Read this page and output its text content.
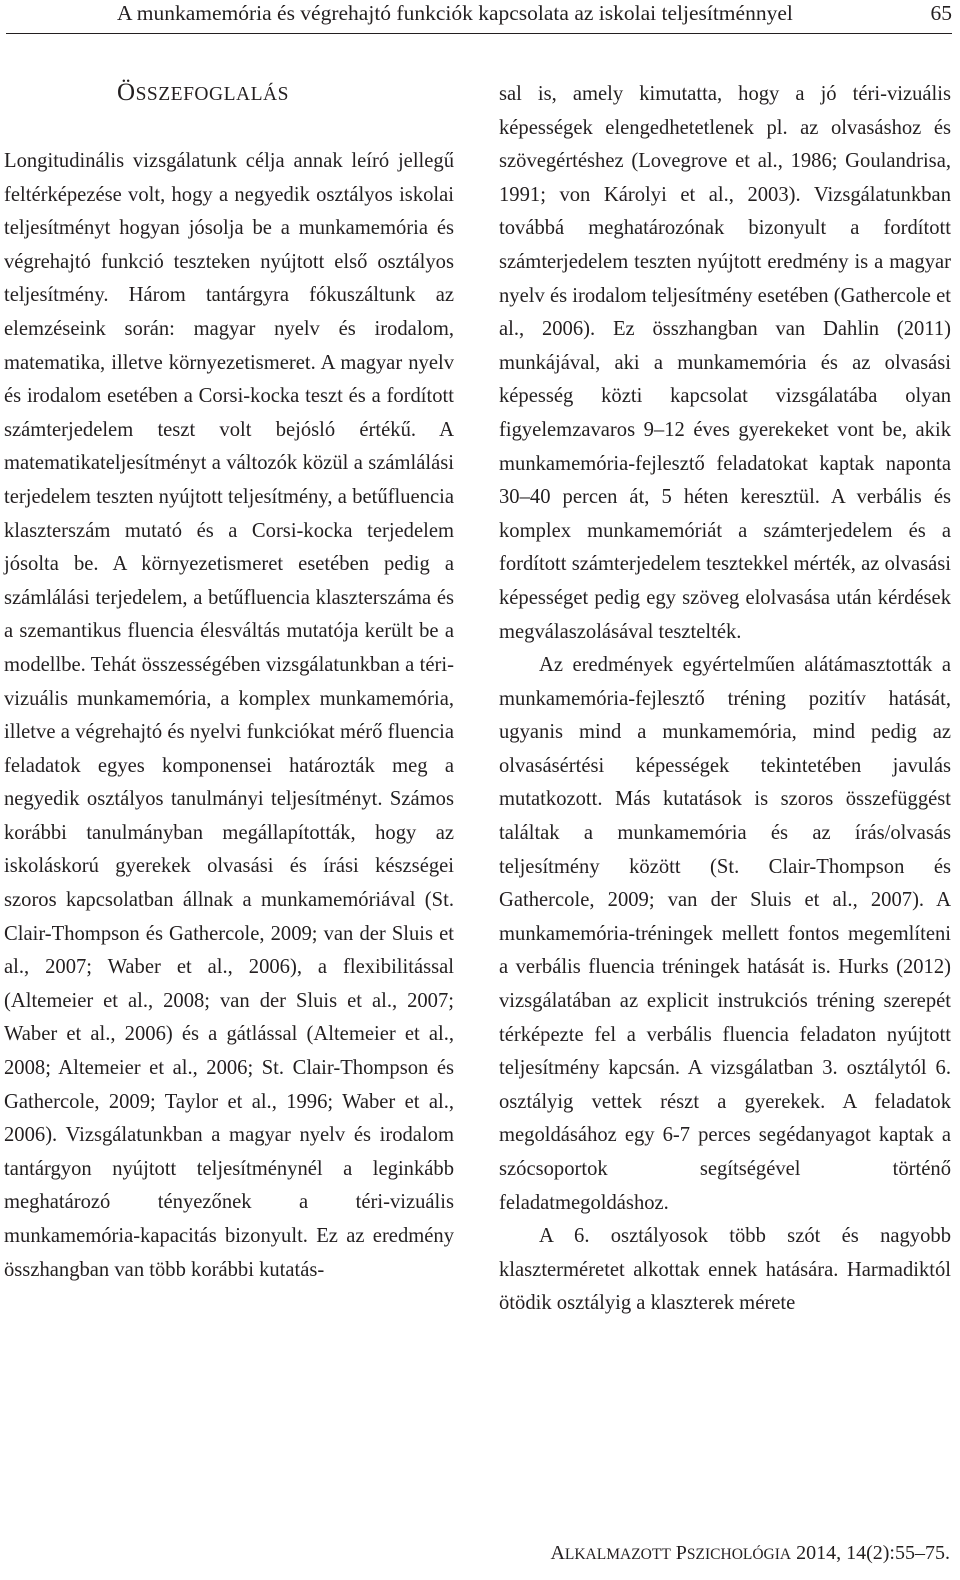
A munkamemória és végrehajtó funkciók kapcsolata az iskolai teljesítménnyel	65
ÖSSZEFOGLALÁS

Longitudinális vizsgálatunk célja annak leíró jellegű feltérképezése volt, hogy a negyedik osztályos iskolai teljesítményt hogyan jósolja be a munkamemória és végrehajtó funkció teszteken nyújtott első osztályos teljesítmény. Három tantárgyra fókuszáltunk az elemzéseink során: magyar nyelv és irodalom, matematika, illetve környezetismeret. A magyar nyelv és irodalom esetében a Corsi-kocka teszt és a fordított számterjedelem teszt volt bejósló értékű. A matematikateljesítményt a változók közül a számlálási terjedelem teszten nyújtott teljesítmény, a betűfluencia klaszterszám mutató és a Corsi-kocka terjedelem jósolta be. A környezetismeret esetében pedig a számlálási terjedelem, a betűfluencia klaszterszáma és a szemantikus fluencia élesváltás mutatója került be a modellbe. Tehát összességében vizsgálatunkban a téri-vizuális munkamemória, a komplex munkamemória, illetve a végrehajtó és nyelvi funkciókat mérő fluencia feladatok egyes komponensei határozták meg a negyedik osztályos tanulmányi teljesítményt. Számos korábbi tanulmányban megállapították, hogy az iskoláskorú gyerekek olvasási és írási készségei szoros kapcsolatban állnak a munkamemóriával (St. Clair-Thompson és Gathercole, 2009; van der Sluis et al., 2007; Waber et al., 2006), a flexibilitással (Altemeier et al., 2008; van der Sluis et al., 2007; Waber et al., 2006) és a gátlással (Altemeier et al., 2008; Altemeier et al., 2006; St. Clair-Thompson és Gathercole, 2009; Taylor et al., 1996; Waber et al., 2006). Vizsgálatunkban a magyar nyelv és irodalom tantárgyon nyújtott teljesítménynél a leginkább meghatározó tényezőnek a téri-vizuális munkamemória-kapacitás bizonyult. Ez az eredmény összhangban van több korábbi kutatás-

sal is, amely kimutatta, hogy a jó téri-vizuális képességek elengedhetetlenek pl. az olvasáshoz és szövegértéshez (Lovegrove et al., 1986; Goulandrisa, 1991; von Károlyi et al., 2003). Vizsgálatunkban továbbá meghatározónak bizonyult a fordított számterjedelem teszten nyújtott eredmény is a magyar nyelv és irodalom teljesítmény esetében (Gathercole et al., 2006). Ez összhangban van Dahlin (2011) munkájával, aki a munkamemória és az olvasási képesség közti kapcsolat vizsgálatába olyan figyelemzavaros 9–12 éves gyerekeket vont be, akik munkamemória-fejlesztő feladatokat kaptak naponta 30–40 percen át, 5 héten keresztül. A verbális és komplex munkamemóriát a számterjedelem és a fordított számterjedelem tesztekkel mérték, az olvasási képességet pedig egy szöveg elolvasása után kérdések megválaszolásával tesztelték.

Az eredmények egyértelműen alátámasztották a munkamemória-fejlesztő tréning pozitív hatását, ugyanis mind a munkamemória, mind pedig az olvasásértési képességek tekintetében javulás mutatkozott. Más kutatások is szoros összefüggést találtak a munkamemória és az írás/olvasás teljesítmény között (St. Clair-Thompson és Gathercole, 2009; van der Sluis et al., 2007). A munkamemória-tréningek mellett fontos megemlíteni a verbális fluencia tréningek hatását is. Hurks (2012) vizsgálatában az explicit instrukciós tréning szerepét térképezte fel a verbális fluencia feladaton nyújtott teljesítmény kapcsán. A vizsgálatban 3. osztálytól 6. osztályig vettek részt a gyerekek. A feladatok megoldásához egy 6-7 perces segédanyagot kaptak a szócsoportok segítségével történő feladatmegoldáshoz.

A 6. osztályosok több szót és nagyobb klaszterméretet alkottak ennek hatására. Harmadiktól ötödik osztályig a klaszterek mérete

ALKALMAZOTT PSZICHOLÓGIA 2014, 14(2):55–75.
